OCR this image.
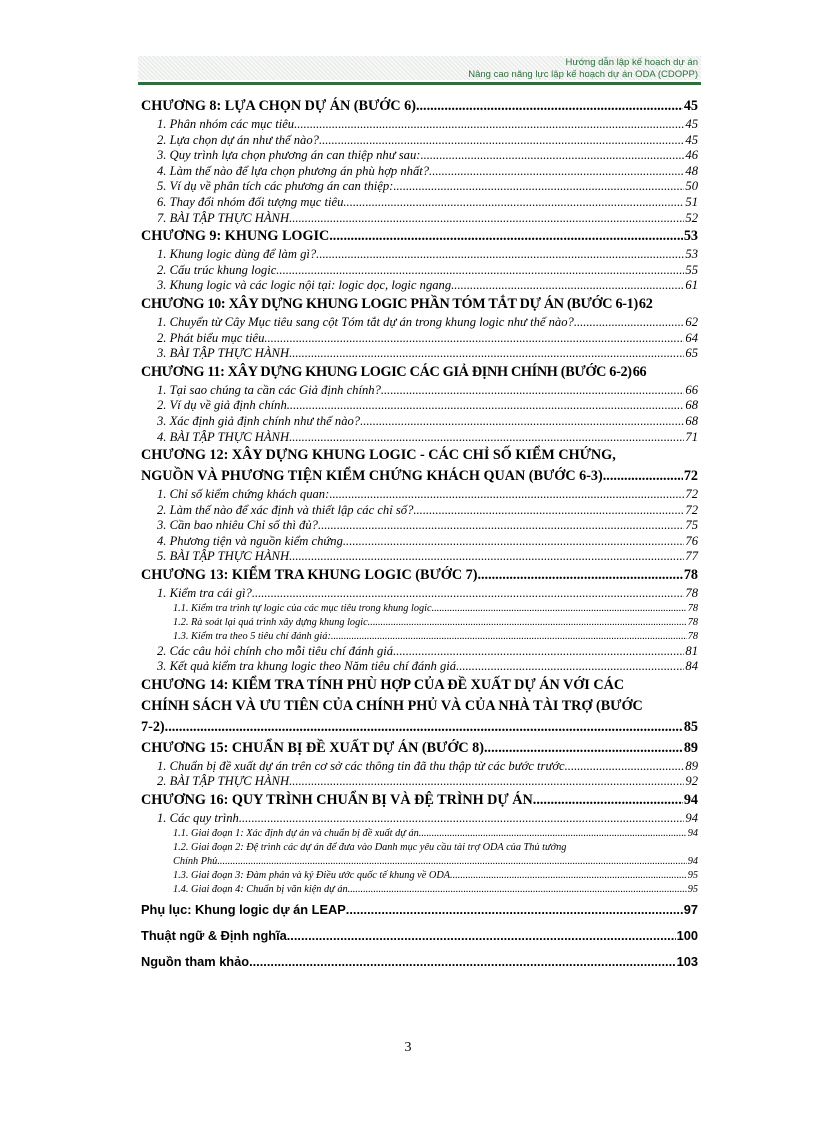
Hướng dẫn lập kế hoạch dự án
Nâng cao năng lực lập kế hoạch dự án ODA (CDOPP)
CHƯƠNG 8: LỰA CHỌN DỰ ÁN (BƯỚC 6) .....	45
1. Phân nhóm các mục tiêu .....	45
2. Lựa chọn dự án như thế nào? .....	45
3. Quy trình lựa chọn phương án can thiệp như sau: .....	46
4. Làm thế nào để lựa chọn phương án phù hợp nhất? .....	48
5. Ví dụ về phân tích các phương án can thiệp: .....	50
6. Thay đổi nhóm đối tượng mục tiêu .....	51
7. BÀI TẬP THỰC HÀNH .....	52
CHƯƠNG 9: KHUNG LOGIC .....	53
1. Khung logic dùng để làm gì? .....	53
2. Cấu trúc khung logic .....	55
3. Khung logic và các logic nội tại: logic dọc, logic ngang .....	61
CHƯƠNG 10: XÂY DỰNG KHUNG LOGIC PHẦN TÓM TẮT DỰ ÁN (BƯỚC 6-1) 62
1. Chuyển từ Cây Mục tiêu sang cột Tóm tắt dự án trong khung logic như thế nào? .....	62
2. Phát biểu mục tiêu .....	64
3. BÀI TẬP THỰC HÀNH .....	65
CHƯƠNG 11: XÂY DỰNG KHUNG LOGIC CÁC GIẢ ĐỊNH CHÍNH (BƯỚC 6-2) 66
1. Tại sao chúng ta cần các Giả định chính? .....	66
2. Ví dụ về giả định chính .....	68
3. Xác định giả định chính như thế nào? .....	68
4. BÀI TẬP THỰC HÀNH .....	71
CHƯƠNG 12: XÂY DỰNG KHUNG LOGIC - CÁC CHỈ SỐ KIỂM CHỨNG,
NGUỒN VÀ PHƯƠNG TIỆN KIỂM CHỨNG KHÁCH QUAN (BƯỚC 6-3) .....	72
1. Chỉ số kiểm chứng khách quan: .....	72
2. Làm thế nào để xác định và thiết lập các chỉ số? .....	72
3. Cần bao nhiêu Chỉ số thì đủ? .....	75
4. Phương tiện và nguồn kiểm chứng .....	76
5. BÀI TẬP THỰC HÀNH .....	77
CHƯƠNG 13: KIỂM TRA KHUNG LOGIC (BƯỚC 7) .....	78
1. Kiểm tra cái gì? .....	78
1.1. Kiểm tra trình tự logic của các mục tiêu trong khung logic .....	78
1.2. Rà soát lại quá trình xây dựng khung logic .....	78
1.3. Kiểm tra theo 5 tiêu chí đánh giá: .....	78
2. Các câu hỏi chính cho mỗi tiêu chí đánh giá .....	81
3. Kết quả kiểm tra khung logic theo Năm tiêu chí đánh giá .....	84
CHƯƠNG 14: KIỂM TRA TÍNH PHÙ HỢP CỦA ĐỀ XUẤT DỰ ÁN VỚI CÁC
CHÍNH SÁCH VÀ ƯU TIÊN CỦA CHÍNH PHỦ VÀ CỦA NHÀ TÀI TRỢ (BƯỚC
7-2) .....	85
CHƯƠNG 15: CHUẨN BỊ ĐỀ XUẤT DỰ ÁN (BƯỚC 8) .....	89
1. Chuẩn bị đề xuất dự án trên cơ sở các thông tin đã thu thập từ các bước trước .....	89
2. BÀI TẬP THỰC HÀNH .....	92
CHƯƠNG 16: QUY TRÌNH CHUẨN BỊ VÀ ĐỆ TRÌNH DỰ ÁN .....	94
1. Các quy trình .....	94
1.1. Giai đoạn 1: Xác định dự án và chuẩn bị đề xuất dự án .....	94
1.2. Giai đoạn 2: Đệ trình các dự án để đưa vào Danh mục yêu cầu tài trợ ODA của Thủ tướng
Chính Phủ .....	94
1.3. Giai đoạn 3: Đàm phán và ký Điều ước quốc tế khung về ODA .....	95
1.4. Giai đoạn 4: Chuẩn bị văn kiện dự án .....	95
Phụ lục: Khung logic dự án LEAP .....	97
Thuật ngữ & Định nghĩa .....	100
Nguồn tham khảo .....	103
3
